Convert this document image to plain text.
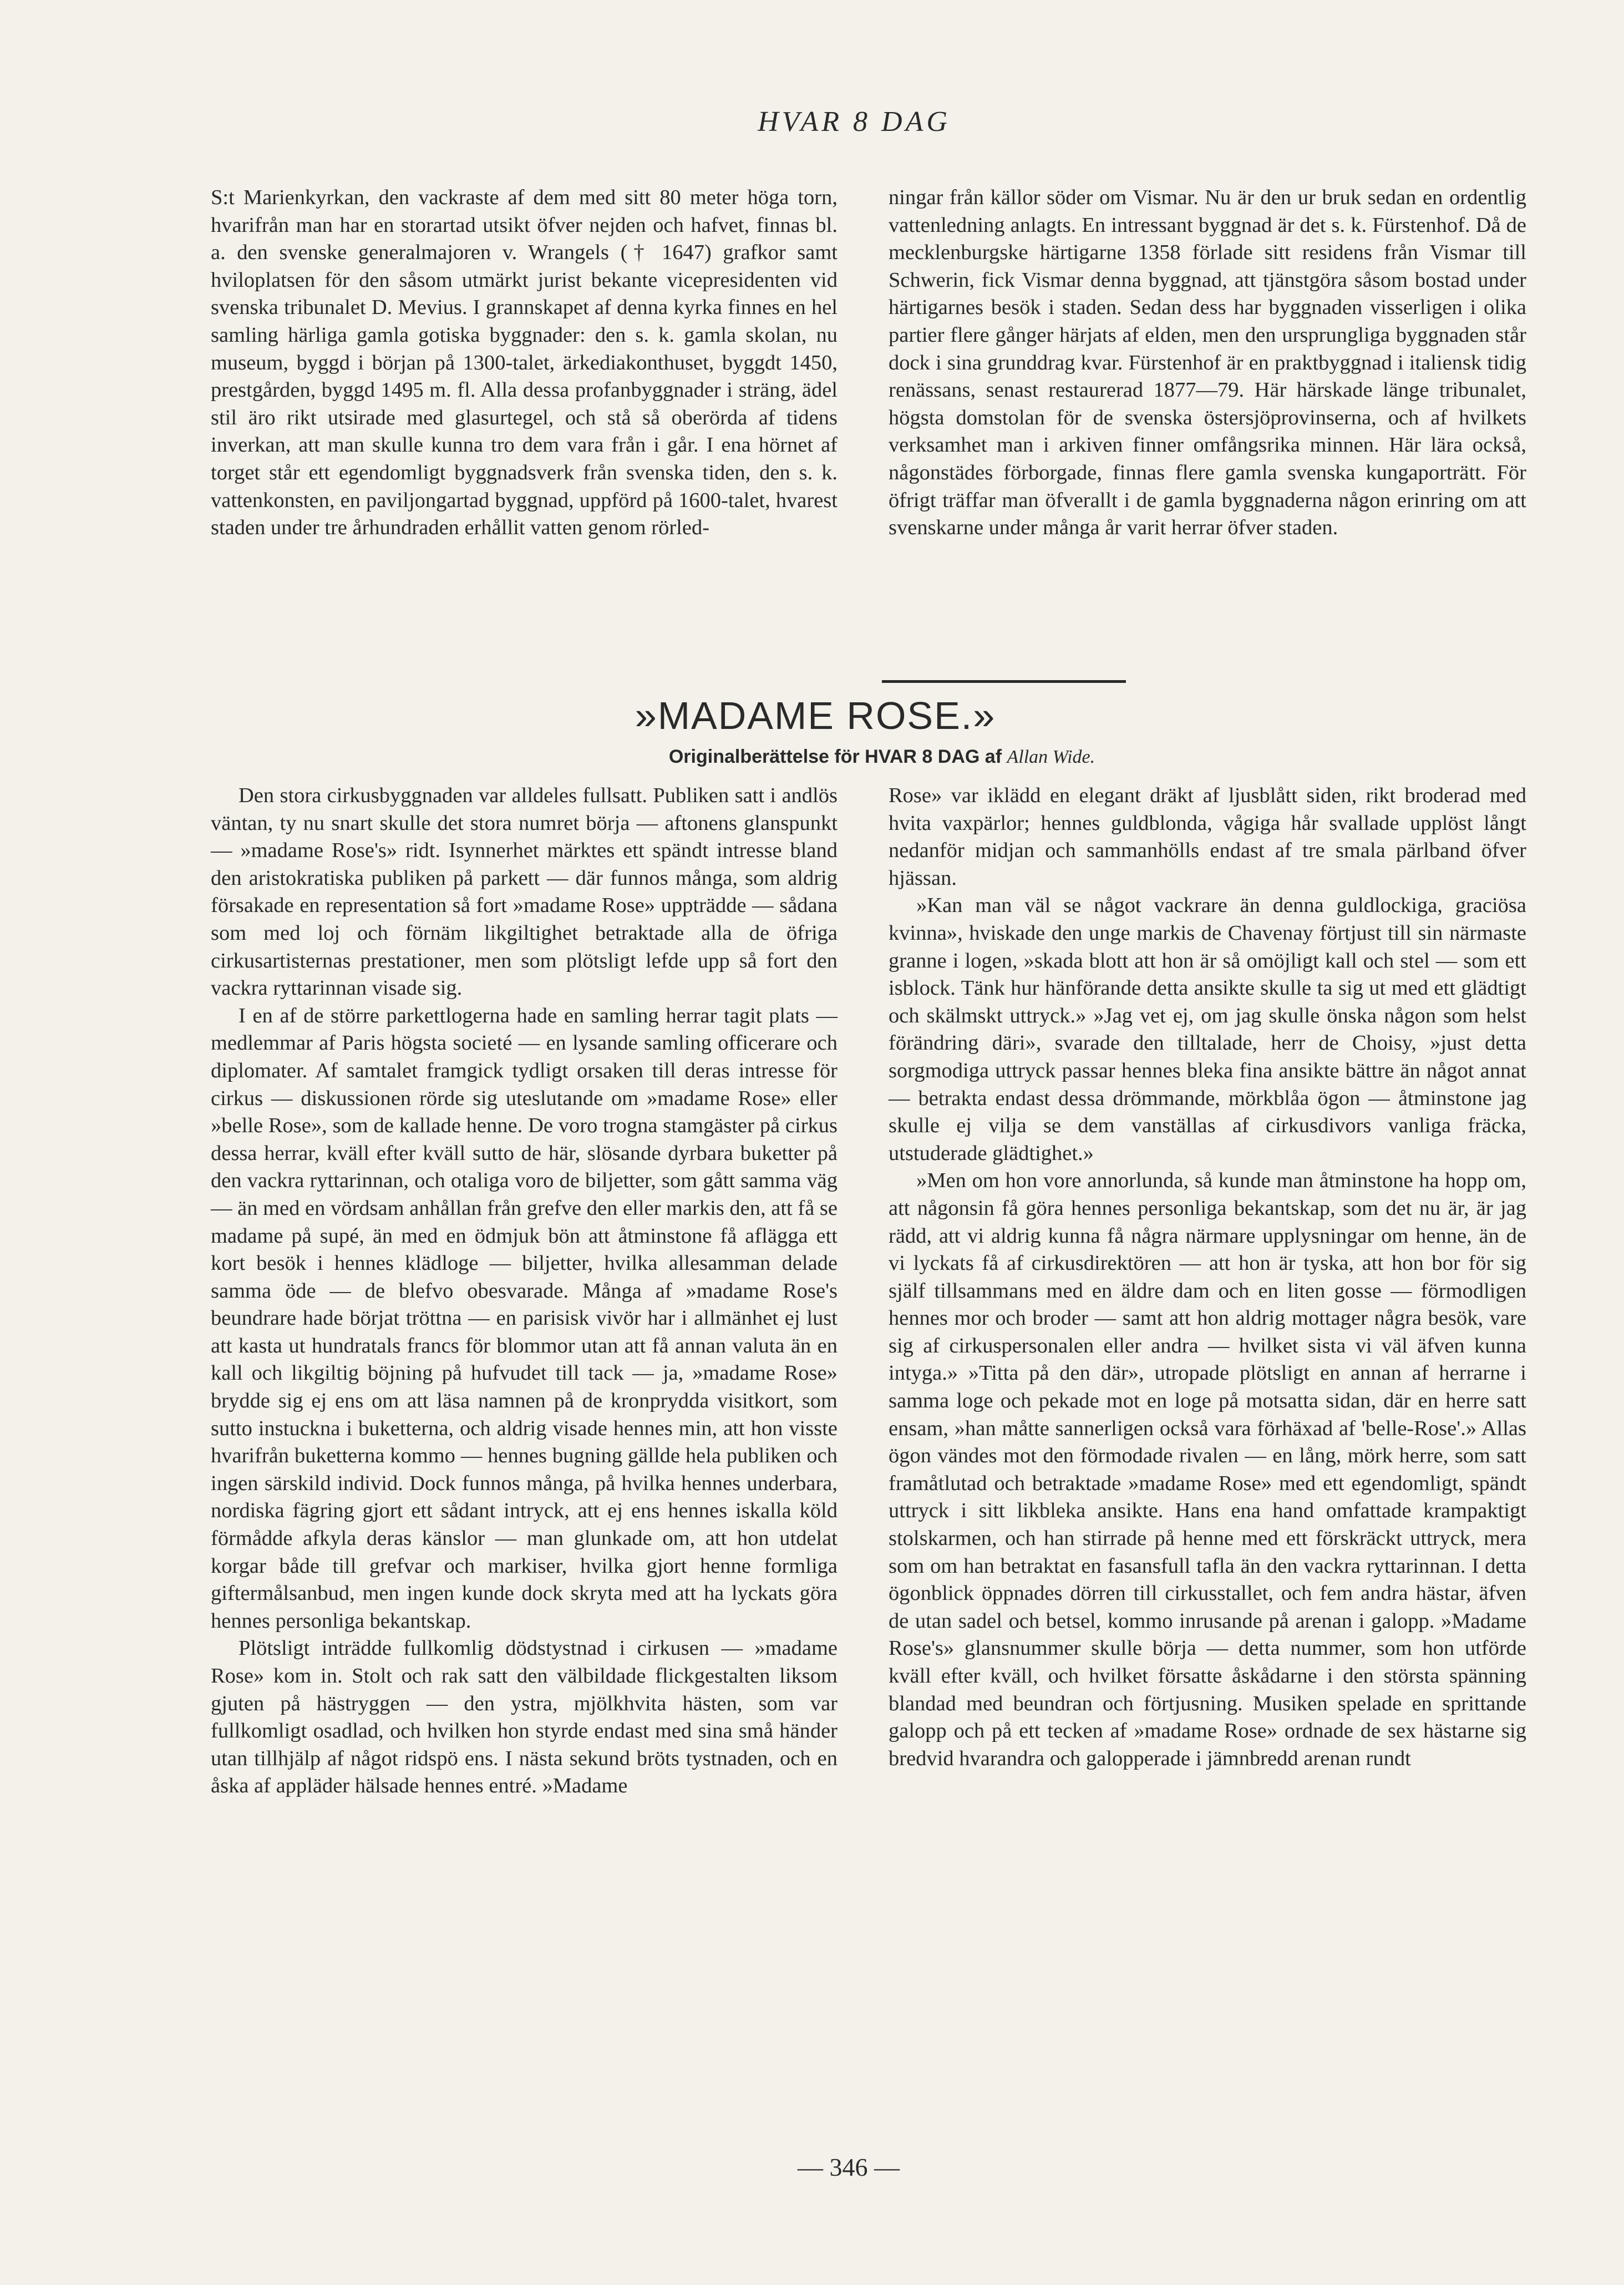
HVAR 8 DAG

S:t Marienkyrkan, den vackraste af dem med sitt 80 meter höga torn, hvarifrån man har en storartad utsikt öfver nejden och hafvet, finnas bl. a. den svenske generalmajoren v. Wrangels († 1647) grafkor samt hviloplatsen för den såsom utmärkt jurist bekante vicepresidenten vid svenska tribunalet D. Mevius. I grannskapet af denna kyrka finnes en hel samling härliga gamla gotiska byggnader: den s. k. gamla skolan, nu museum, byggd i början på 1300-talet, ärkediakonthuset, byggdt 1450, prestgården, byggd 1495 m. fl. Alla dessa profanbyggnader i sträng, ädel stil äro rikt utsirade med glasurtegel, och stå så oberörda af tidens inverkan, att man skulle kunna tro dem vara från i går. I ena hörnet af torget står ett egendomligt byggnadsverk från svenska tiden, den s. k. vattenkonsten, en paviljongartad byggnad, uppförd på 1600-talet, hvarest staden under tre århundraden erhållit vatten genom rörled-

ningar från källor söder om Vismar. Nu är den ur bruk sedan en ordentlig vattenledning anlagts. En intressant byggnad är det s. k. Fürstenhof. Då de mecklenburgske härtigarne 1358 förlade sitt residens från Vismar till Schwerin, fick Vismar denna byggnad, att tjänstgöra såsom bostad under härtigarnes besök i staden. Sedan dess har byggnaden visserligen i olika partier flere gånger härjats af elden, men den ursprungliga byggnaden står dock i sina grunddrag kvar. Fürstenhof är en praktbyggnad i italiensk tidig renässans, senast restaurerad 1877—79. Här härskade länge tribunalet, högsta domstolan för de svenska östersjöprovinserna, och af hvilkets verksamhet man i arkiven finner omfångsrika minnen. Här lära också, någonstädes förborgade, finnas flere gamla svenska kungaporträtt. För öfrigt träffar man öfverallt i de gamla byggnaderna någon erinring om att svenskarne under många år varit herrar öfver staden.

»MADAME ROSE.»
Originalberättelse för HVAR 8 DAG af Allan Wide.

Den stora cirkusbyggnaden var alldeles fullsatt. Publiken satt i andlös väntan, ty nu snart skulle det stora numret börja — aftonens glanspunkt — »madame Rose's» ridt. Isynnerhet märktes ett spändt intresse bland den aristokratiska publiken på parkett — där funnos många, som aldrig försakade en representation så fort »madame Rose» uppträdde — sådana som med loj och förnäm likgiltighet betraktade alla de öfriga cirkusartisternas prestationer, men som plötsligt lefde upp så fort den vackra ryttarinnan visade sig.

I en af de större parkettlogerna hade en samling herrar tagit plats — medlemmar af Paris högsta societé — en lysande samling officerare och diplomater. Af samtalet framgick tydligt orsaken till deras intresse för cirkus — diskussionen rörde sig uteslutande om »madame Rose» eller »belle Rose», som de kallade henne. De voro trogna stamgäster på cirkus dessa herrar, kväll efter kväll sutto de här, slösande dyrbara buketter på den vackra ryttarinnan, och otaliga voro de biljetter, som gått samma väg — än med en vördsam anhållan från grefve den eller markis den, att få se madame på supé, än med en ödmjuk bön att åtminstone få aflägga ett kort besök i hennes klädloge — biljetter, hvilka allesamman delade samma öde — de blefvo obesvarade. Många af »madame Rose's beundrare hade börjat tröttna — en parisisk vivör har i allmänhet ej lust att kasta ut hundratals francs för blommor utan att få annan valuta än en kall och likgiltig böjning på hufvudet till tack — ja, »madame Rose» brydde sig ej ens om att läsa namnen på de kronprydda visitkort, som sutto instuckna i buketterna, och aldrig visade hennes min, att hon visste hvarifrån buketterna kommo — hennes bugning gällde hela publiken och ingen särskild individ. Dock funnos många, på hvilka hennes underbara, nordiska fägring gjort ett sådant intryck, att ej ens hennes iskalla köld förmådde afkyla deras känslor — man glunkade om, att hon utdelat korgar både till grefvar och markiser, hvilka gjort henne formliga giftermålsanbud, men ingen kunde dock skryta med att ha lyckats göra hennes personliga bekantskap.

Plötsligt inträdde fullkomlig dödstystnad i cirkusen — »madame Rose» kom in. Stolt och rak satt den välbildade flickgestalten liksom gjuten på hästryggen — den ystra, mjölkhvita hästen, som var fullkomligt osadlad, och hvilken hon styrde endast med sina små händer utan tillhjälp af något ridspö ens. I nästa sekund bröts tystnaden, och en åska af appläder hälsade hennes entré. »Madame

Rose» var iklädd en elegant dräkt af ljusblått siden, rikt broderad med hvita vaxpärlor; hennes guldblonda, vågiga hår svallade upplöst långt nedanför midjan och sammanhölls endast af tre smala pärlband öfver hjässan.

»Kan man väl se något vackrare än denna guldlockiga, graciösa kvinna», hviskade den unge markis de Chavenay förtjust till sin närmaste granne i logen, »skada blott att hon är så omöjligt kall och stel — som ett isblock. Tänk hur hänförande detta ansikte skulle ta sig ut med ett glädtigt och skälmskt uttryck.» »Jag vet ej, om jag skulle önska någon som helst förändring däri», svarade den tilltalade, herr de Choisy, »just detta sorgmodiga uttryck passar hennes bleka fina ansikte bättre än något annat — betrakta endast dessa drömmande, mörkblåa ögon — åtminstone jag skulle ej vilja se dem vanställas af cirkusdivors vanliga fräcka, utstuderade glädtighet.»

»Men om hon vore annorlunda, så kunde man åtminstone ha hopp om, att någonsin få göra hennes personliga bekantskap, som det nu är, är jag rädd, att vi aldrig kunna få några närmare upplysningar om henne, än de vi lyckats få af cirkusdirektören — att hon är tyska, att hon bor för sig själf tillsammans med en äldre dam och en liten gosse — förmodligen hennes mor och broder — samt att hon aldrig mottager några besök, vare sig af cirkuspersonalen eller andra — hvilket sista vi väl äfven kunna intyga.» »Titta på den där», utropade plötsligt en annan af herrarne i samma loge och pekade mot en loge på motsatta sidan, där en herre satt ensam, »han måtte sannerligen också vara förhäxad af 'belle-Rose'.» Allas ögon vändes mot den förmodade rivalen — en lång, mörk herre, som satt framåtlutad och betraktade »madame Rose» med ett egendomligt, spändt uttryck i sitt likbleka ansikte. Hans ena hand omfattade krampaktigt stolskarmen, och han stirrade på henne med ett förskräckt uttryck, mera som om han betraktat en fasansfull tafla än den vackra ryttarinnan. I detta ögonblick öppnades dörren till cirkusstallet, och fem andra hästar, äfven de utan sadel och betsel, kommo inrusande på arenan i galopp. »Madame Rose's» glansnummer skulle börja — detta nummer, som hon utförde kväll efter kväll, och hvilket försatte åskådarne i den största spänning blandad med beundran och förtjusning. Musiken spelade en sprittande galopp och på ett tecken af »madame Rose» ordnade de sex hästarne sig bredvid hvarandra och galopperade i jämnbredd arenan rundt

— 346 —
